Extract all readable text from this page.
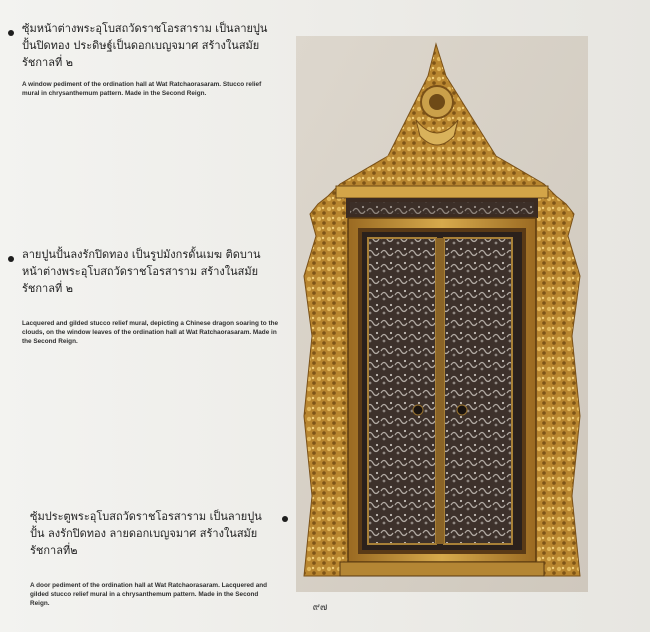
ซุ้มหน้าต่างพระอุโบสถวัดราชโอรสาราม เป็นลายปูนปั้นปิดทอง ประดิษฐ์เป็นดอกเบญจมาศ สร้างในสมัยรัชกาลที่ ๒

A window pediment of the ordination hall at Wat Ratchaorasaram. Stucco relief mural in chrysanthemum pattern. Made in the Second Reign.

ลายปูนปั้นลงรักปิดทอง เป็นรูปมังกรดั้นเมฆ ติดบานหน้าต่างพระอุโบสถวัดราชโอรสาราม สร้างในสมัยรัชกาลที่ ๒

Lacquered and gilded stucco relief mural, depicting a Chinese dragon soaring to the clouds, on the window leaves of the ordination hall at Wat Ratchaorasaram. Made in the Second Reign.

ซุ้มประตูพระอุโบสถวัดราชโอรสาราม เป็นลายปูนปั้น ลงรักปิดทอง ลายดอกเบญจมาศ สร้างในสมัยรัชกาลที่๒

A door pediment of the ordination hall at Wat Ratchaorasaram. Lacquered and gilded stucco relief mural in a chrysanthemum pattern. Made in the Second Reign.	๙๗
